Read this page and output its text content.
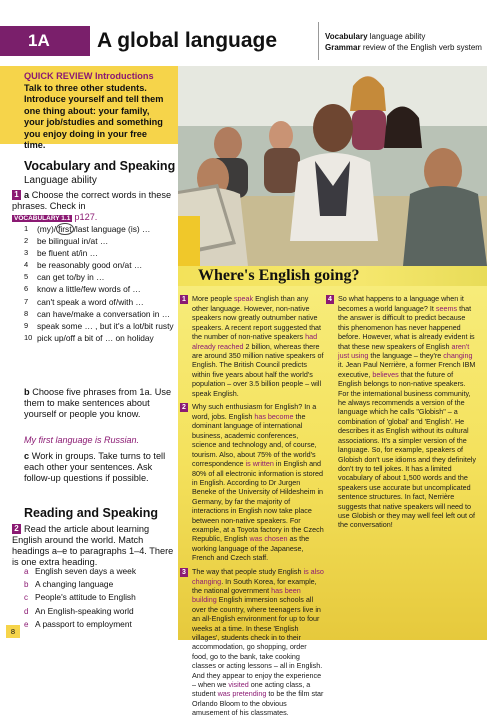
1A	A global language	Vocabulary language ability
Grammar review of the English verb system
QUICK REVIEW Introductions
Talk to three other students. Introduce yourself and tell them one thing about: your family, your job/studies and something you enjoy doing in your free time.
Vocabulary and Speaking
Language ability
1 a Choose the correct words in these phrases. Check in
VOCABULARY 1.1 p127.
1	(my)/ first /last language (is) …
2	be bilingual in/at …
3	be fluent at/in …
4	be reasonably good on/at …
5	can get to/by in …
6	know a little/few words of …
7	can't speak a word of/with …
8	can have/make a conversation in …
9	speak some … , but it's a lot/bit rusty
10 pick up/off a bit of … on holiday
b Choose five phrases from 1a. Use them to make sentences about yourself or people you know.
My first language is Russian.
c Work in groups. Take turns to tell each other your sentences. Ask follow-up questions if possible.
Reading and Speaking
2 Read the article about learning English around the world. Match headings a–e to paragraphs 1–4. There is one extra heading.
a English seven days a week
b A changing language
c People's attitude to English
d An English-speaking world
e A passport to employment
8
Where's English going?

1 More people speak English than any other language. However, non-native speakers now greatly outnumber native speakers. A recent report suggested that the number of non-native speakers had already reached 2 billion, whereas there are around 350 million native speakers of English. The British Council predicts within five years about half the world's population – over 3.5 billion people – will speak English.

2 Why such enthusiasm for English? In a word, jobs. English has become the dominant language of international business, academic conferences, science and technology and, of course, tourism. Also, about 75% of the world's correspondence is written in English and 80% of all electronic information is stored in English. According to Dr Jurgen Beneke of the University of Hildesheim in Germany, by far the majority of interactions in English now take place between non-native speakers. For example, at a Toyota factory in the Czech Republic, English was chosen as the working language of the Japanese, French and Czech staff.

3 The way that people study English is also changing. In South Korea, for example, the national government has been building English immersion schools all over the country, where teenagers live in an all-English environment for up to four weeks at a time. In these 'English villages', students check in to their accommodation, go shopping, order food, go to the bank, take cooking classes or acting lessons – all in English. And they appear to enjoy the experience – when we visited one acting class, a student was pretending to be the film star Orlando Bloom to the obvious amusement of his classmates.

4 So what happens to a language when it becomes a world language? It seems that the answer is difficult to predict because this phenomenon has never happened before. However, what is already evident is that these new speakers of English aren't just using the language – they're changing it. Jean Paul Nerrière, a former French IBM executive, believes that the future of English belongs to non-native speakers. For the international business community, he always recommends a version of the language which he calls "Globish" – a combination of 'global' and 'English'. He describes it as English without its cultural associations. It's a simpler version of the language. So, for example, speakers of Globish don't use idioms and they definitely don't try to tell jokes. It has a limited vocabulary of about 1,500 words and the speakers use accurate but uncomplicated sentence structures. In fact, Nerrière suggests that native speakers will need to use Globish or they may well feel left out of the conversation!
